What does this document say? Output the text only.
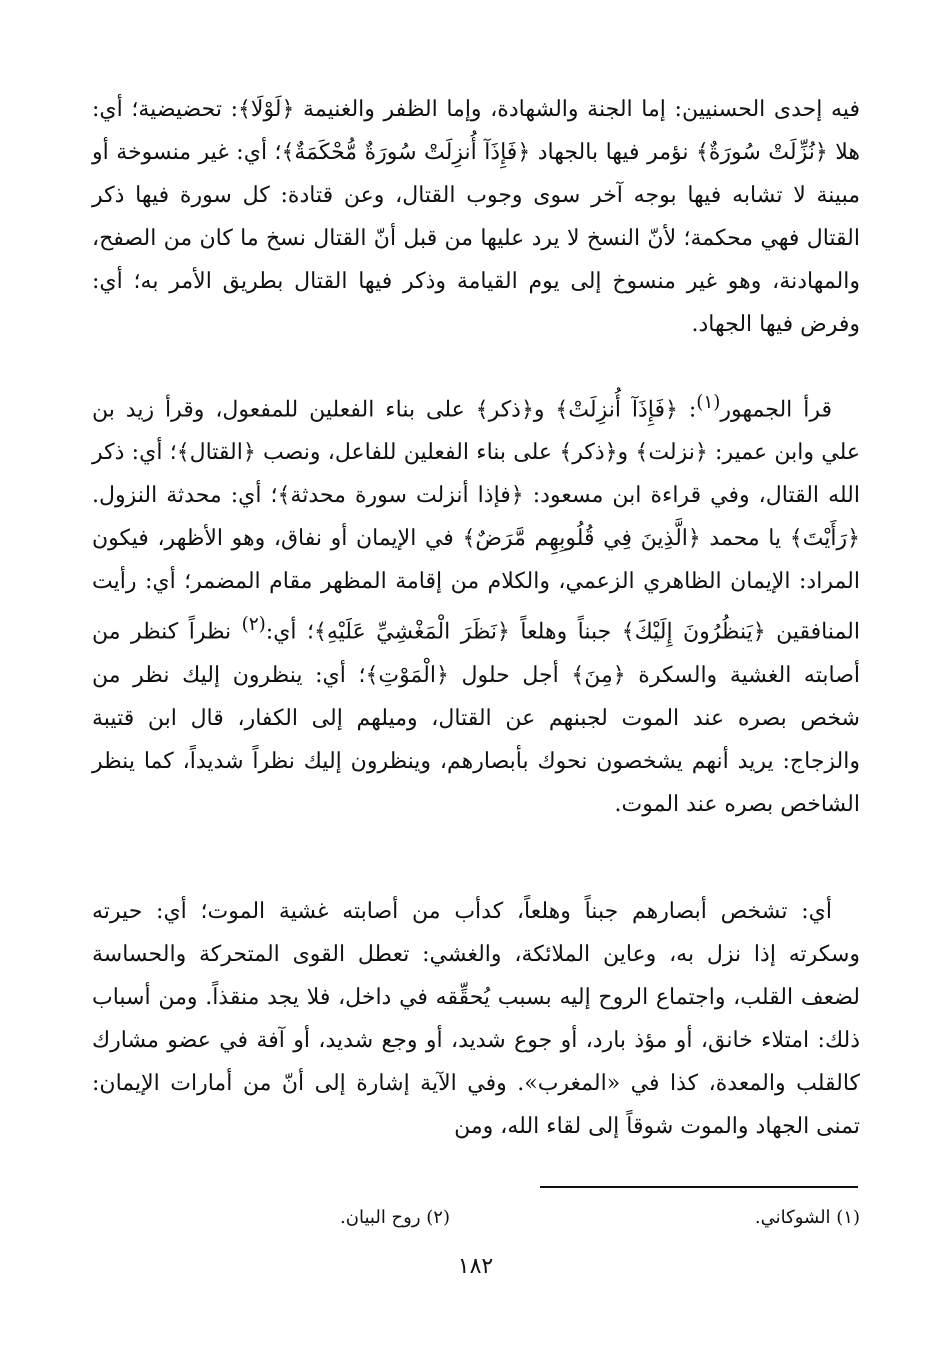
فيه إحدى الحسنيين: إما الجنة والشهادة، وإما الظفر والغنيمة ﴿لَوْلَا﴾: تحضيضية؛ أي: هلا ﴿نُزِّلَتْ سُورَةٌ﴾ نؤمر فيها بالجهاد ﴿فَإِذَآ أُنزِلَتْ سُورَةٌ مُّحْكَمَةٌ﴾؛ أي: غير منسوخة أو مبينة لا تشابه فيها بوجه آخر سوى وجوب القتال، وعن قتادة: كل سورة فيها ذكر القتال فهي محكمة؛ لأنّ النسخ لا يرد عليها من قبل أنّ القتال نسخ ما كان من الصفح، والمهادنة، وهو غير منسوخ إلى يوم القيامة وذكر فيها القتال بطريق الأمر به؛ أي: وفرض فيها الجهاد.

قرأ الجمهور$^{(١)}$: ﴿فَإِذَآ أُنزِلَتْ﴾ و﴿ذكر﴾ على بناء الفعلين للمفعول، وقرأ زيد بن علي وابن عمير: ﴿نزلت﴾ و﴿ذكر﴾ على بناء الفعلين للفاعل، ونصب ﴿القتال﴾؛ أي: ذكر الله القتال، وفي قراءة ابن مسعود: ﴿فإذا أنزلت سورة محدثة﴾؛ أي: محدثة النزول. ﴿رَأَيْتَ﴾ يا محمد ﴿الَّذِينَ فِي قُلُوبِهِم مَّرَضٌ﴾ في الإيمان أو نفاق، وهو الأظهر، فيكون المراد: الإيمان الظاهري الزعمي، والكلام من إقامة المظهر مقام المضمر؛ أي: رأيت المنافقين ﴿يَنظُرُونَ إِلَيْكَ﴾ جبناً وهلعاً ﴿نَظَرَ الْمَغْشِيِّ عَلَيْهِ﴾؛ أي:$^{(٢)}$ نظراً كنظر من أصابته الغشية والسكرة ﴿مِنَ﴾ أجل حلول ﴿الْمَوْتِ﴾؛ أي: ينظرون إليك نظر من شخص بصره عند الموت لجبنهم عن القتال، وميلهم إلى الكفار، قال ابن قتيبة والزجاج: يريد أنهم يشخصون نحوك بأبصارهم، وينظرون إليك نظراً شديداً، كما ينظر الشاخص بصره عند الموت.

أي: تشخص أبصارهم جبناً وهلعاً، كدأب من أصابته غشية الموت؛ أي: حيرته وسكرته إذا نزل به، وعاين الملائكة، والغشي: تعطل القوى المتحركة والحساسة لضعف القلب، واجتماع الروح إليه بسبب يُحقِّقه في داخل، فلا يجد منقذاً. ومن أسباب ذلك: امتلاء خانق، أو مؤذ بارد، أو جوع شديد، أو وجع شديد، أو آفة في عضو مشارك كالقلب والمعدة، كذا في «المغرب». وفي الآية إشارة إلى أنّ من أمارات الإيمان: تمنى الجهاد والموت شوقاً إلى لقاء الله، ومن

(١) الشوكاني.
(٢) روح البيان.
١٨٢
